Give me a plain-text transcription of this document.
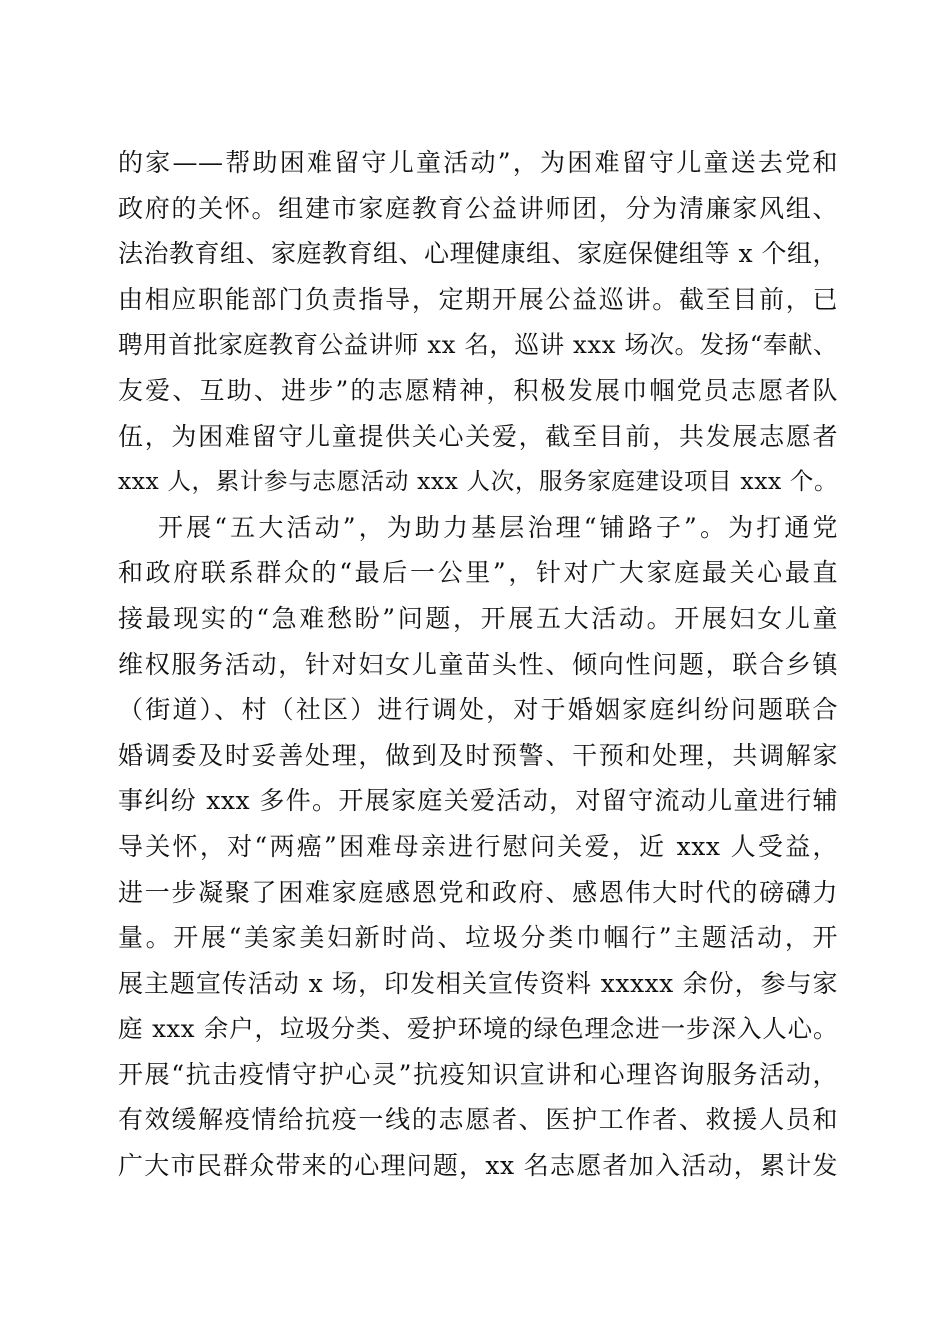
的家——帮助困难留守儿童活动”，为困难留守儿童送去党和
政府的关怀。组建市家庭教育公益讲师团，分为清廉家风组、
法治教育组、家庭教育组、心理健康组、家庭保健组等 x 个组，
由相应职能部门负责指导，定期开展公益巡讲。截至目前，已
聘用首批家庭教育公益讲师 xx 名，巡讲 xxx 场次。发扬“奉献、
友爱、互助、进步”的志愿精神，积极发展巾帼党员志愿者队
伍，为困难留守儿童提供关心关爱，截至目前，共发展志愿者
xxx 人，累计参与志愿活动 xxx 人次，服务家庭建设项目 xxx 个。
开展“五大活动”，为助力基层治理“铺路子”。为打通党
和政府联系群众的“最后一公里”，针对广大家庭最关心最直
接最现实的“急难愁盼”问题，开展五大活动。开展妇女儿童
维权服务活动，针对妇女儿童苗头性、倾向性问题，联合乡镇
（街道）、村（社区）进行调处，对于婚姻家庭纠纷问题联合
婚调委及时妥善处理，做到及时预警、干预和处理，共调解家
事纠纷 xxx 多件。开展家庭关爱活动，对留守流动儿童进行辅
导关怀，对“两癌”困难母亲进行慰问关爱，近 xxx 人受益，
进一步凝聚了困难家庭感恩党和政府、感恩伟大时代的磅礴力
量。开展“美家美妇新时尚、垃圾分类巾帼行”主题活动，开
展主题宣传活动 x 场，印发相关宣传资料 xxxxx 余份，参与家
庭 xxx 余户，垃圾分类、爱护环境的绿色理念进一步深入人心。
开展“抗击疫情守护心灵”抗疫知识宣讲和心理咨询服务活动，
有效缓解疫情给抗疫一线的志愿者、医护工作者、救援人员和
广大市民群众带来的心理问题，xx 名志愿者加入活动，累计发
